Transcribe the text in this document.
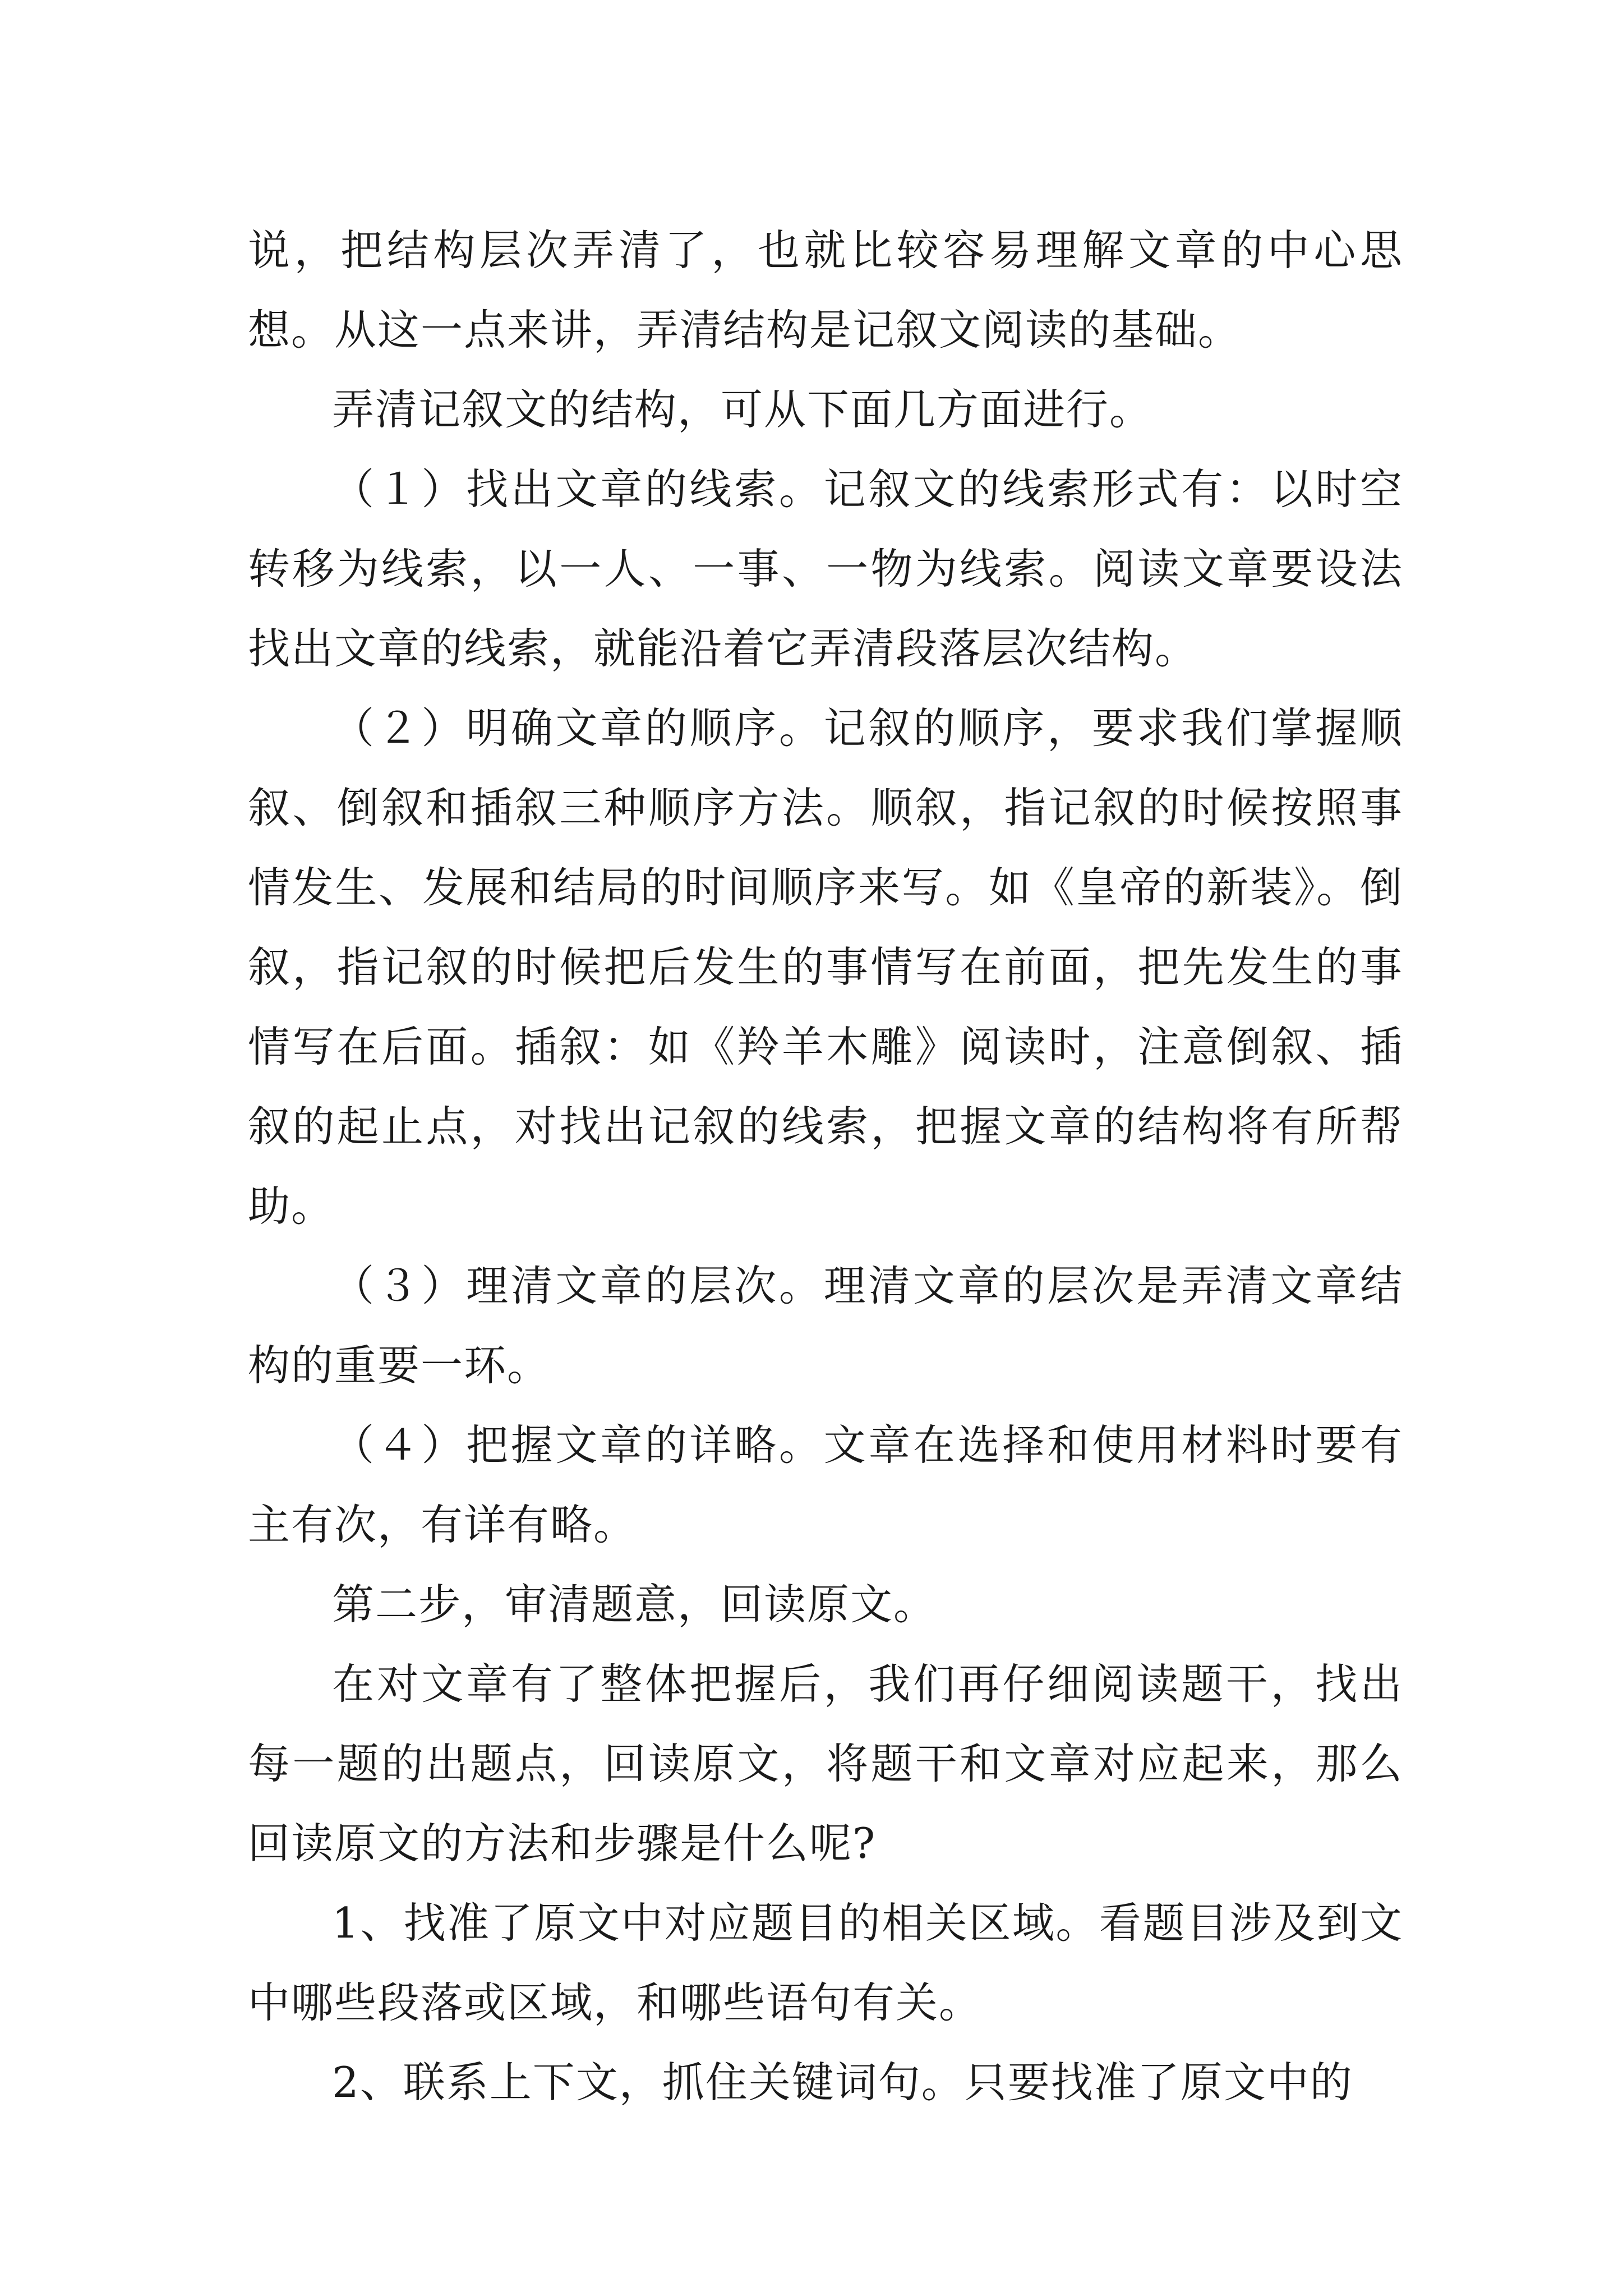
说，把结构层次弄清了，也就比较容易理解文章的中心思想。从这一点来讲，弄清结构是记叙文阅读的基础。

弄清记叙文的结构，可从下面几方面进行。

（１）找出文章的线索。记叙文的线索形式有：以时空转移为线索，以一人、一事、一物为线索。阅读文章要设法找出文章的线索，就能沿着它弄清段落层次结构。

（２）明确文章的顺序。记叙的顺序，要求我们掌握顺叙、倒叙和插叙三种顺序方法。顺叙，指记叙的时候按照事情发生、发展和结局的时间顺序来写。如《皇帝的新装》。倒叙，指记叙的时候把后发生的事情写在前面，把先发生的事情写在后面。插叙：如《羚羊木雕》阅读时，注意倒叙、插叙的起止点，对找出记叙的线索，把握文章的结构将有所帮助。

（３）理清文章的层次。理清文章的层次是弄清文章结构的重要一环。

（４）把握文章的详略。文章在选择和使用材料时要有主有次，有详有略。

第二步，审清题意，回读原文。

在对文章有了整体把握后，我们再仔细阅读题干，找出每一题的出题点，回读原文，将题干和文章对应起来，那么回读原文的方法和步骤是什么呢?

1、找准了原文中对应题目的相关区域。看题目涉及到文中哪些段落或区域，和哪些语句有关。

2、联系上下文，抓住关键词句。只要找准了原文中的
